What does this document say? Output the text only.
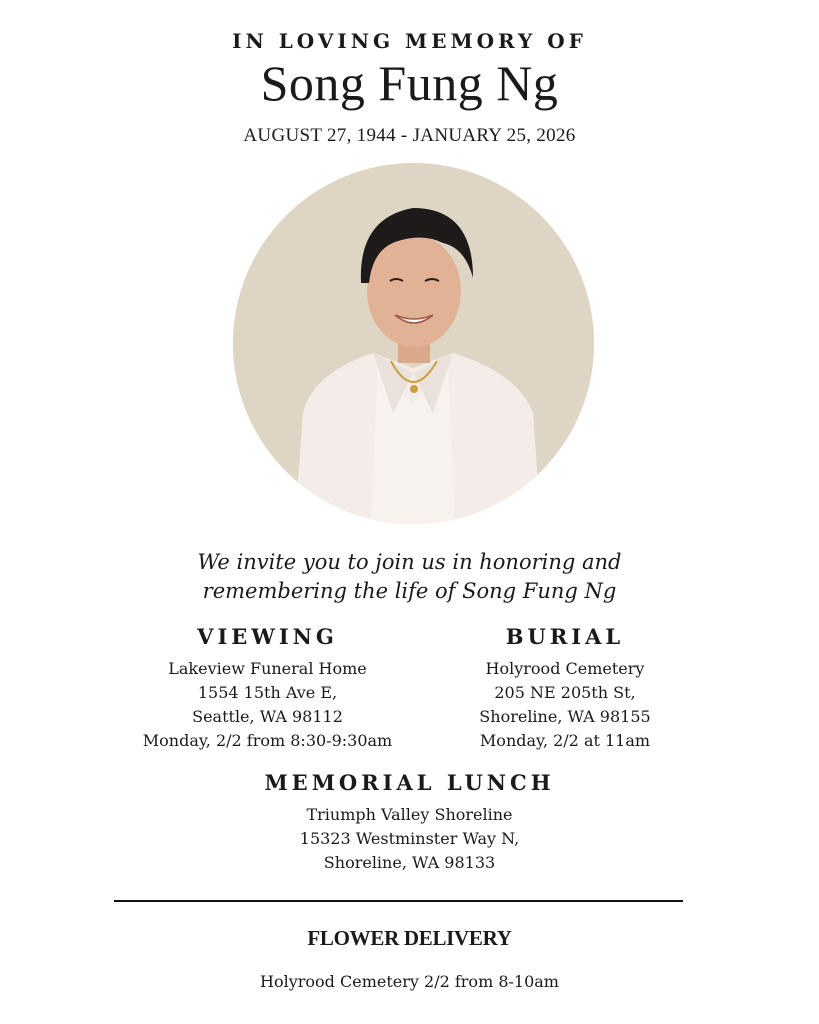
IN LOVING MEMORY OF
Song Fung Ng
AUGUST 27, 1944 - JANUARY 25, 2026
We invite you to join us in honoring and
remembering the life of Song Fung Ng
VIEWING
Lakeview Funeral Home
1554 15th Ave E,
Seattle, WA 98112
Monday, 2/2 from 8:30-9:30am
BURIAL
Holyrood Cemetery
205 NE 205th St,
Shoreline, WA 98155
Monday, 2/2 at 11am
MEMORIAL LUNCH
Triumph Valley Shoreline
15323 Westminster Way N,
Shoreline, WA 98133
FLOWER DELIVERY
Holyrood Cemetery 2/2 from 8-10am
